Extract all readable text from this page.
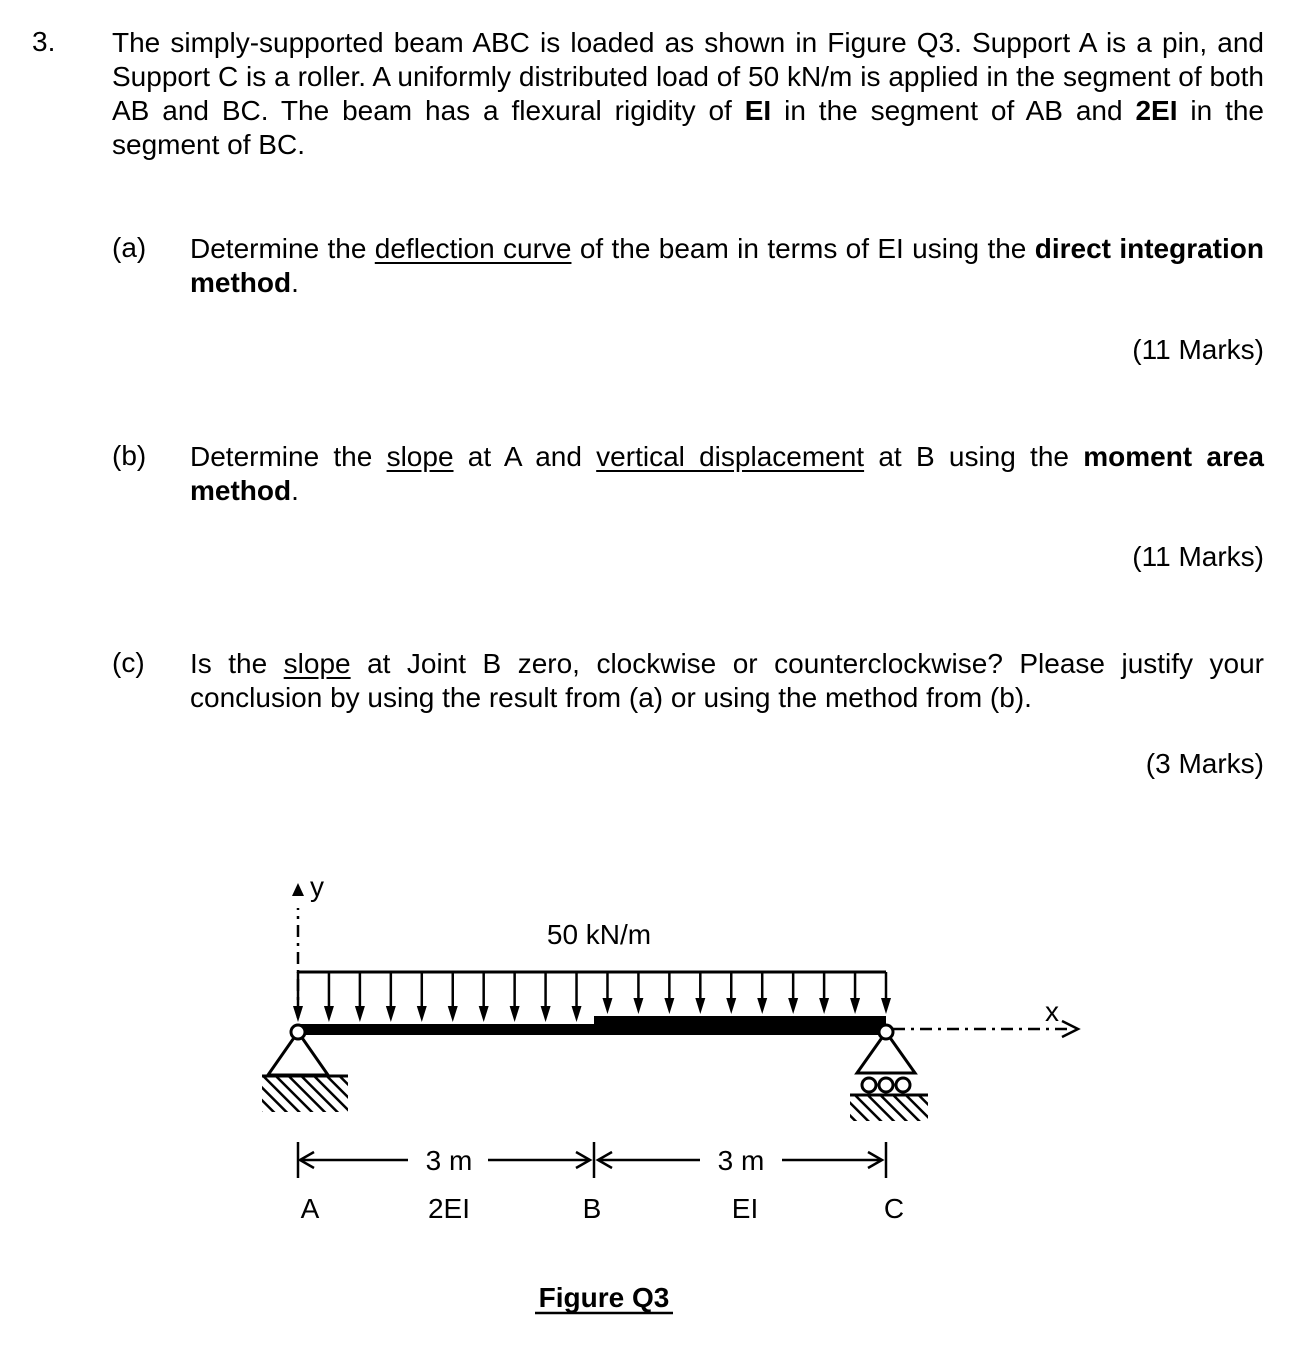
3. The simply-supported beam ABC is loaded as shown in Figure Q3. Support A is a pin, and Support C is a roller. A uniformly distributed load of 50 kN/m is applied in the segment of both AB and BC. The beam has a flexural rigidity of EI in the segment of AB and 2EI in the segment of BC.
(a) Determine the deflection curve of the beam in terms of EI using the direct integration method.
(11 Marks)
(b) Determine the slope at A and vertical displacement at B using the moment area method.
(11 Marks)
(c) Is the slope at Joint B zero, clockwise or counterclockwise? Please justify your conclusion by using the result from (a) or using the method from (b).
(3 Marks)
y
x
50 kN/m
3 m	3 m
A	2EI	B	EI	C
Figure Q3
